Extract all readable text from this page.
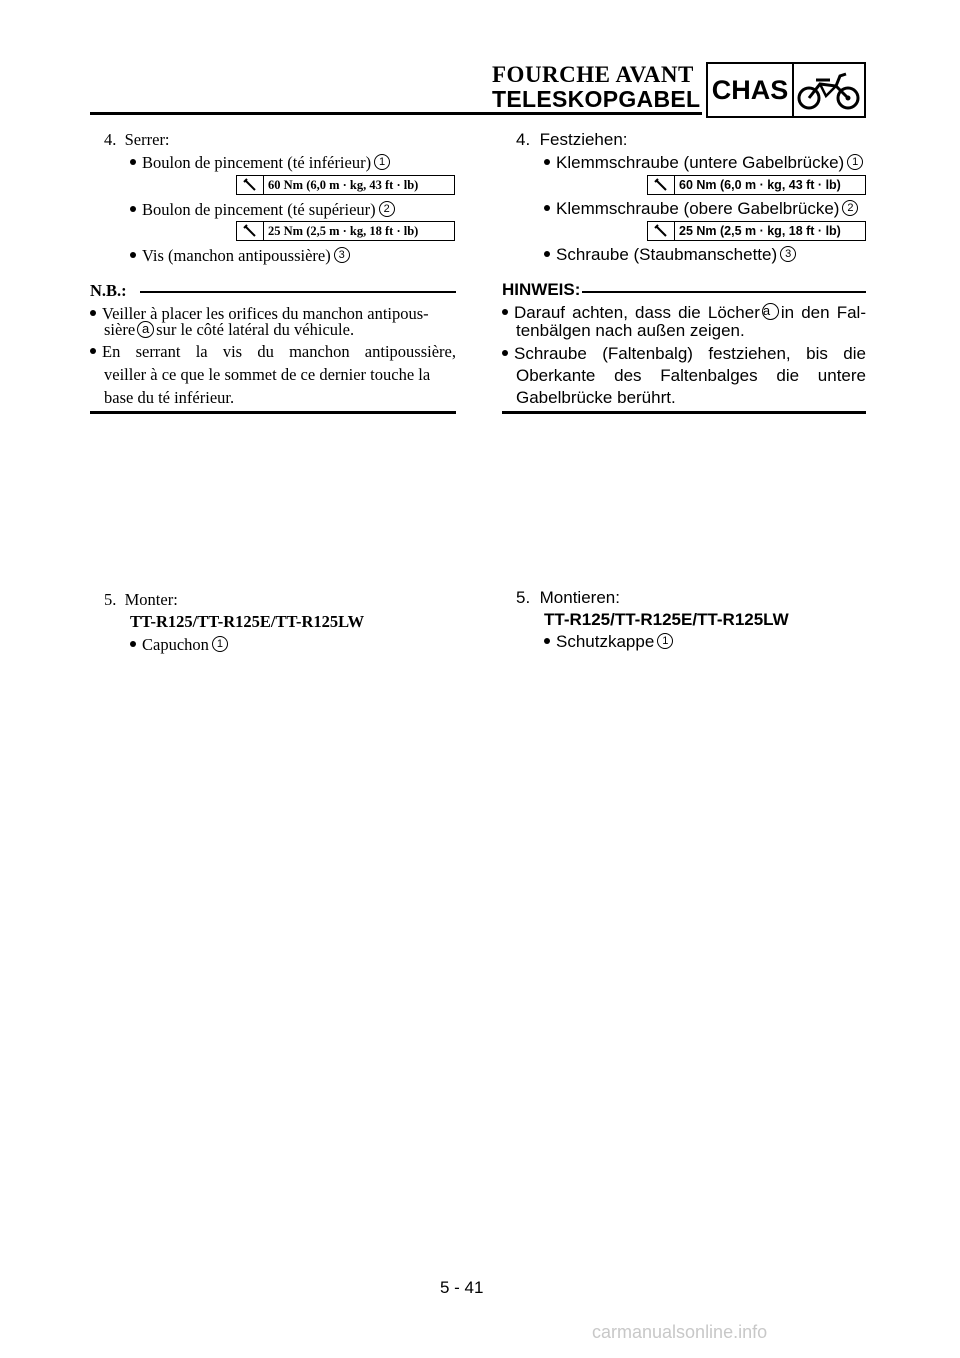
FOURCHE AVANT
TELESKOPGABEL CHAS
4. Serrer:
Boulon de pincement (té inférieur) 1
60 Nm (6,0 m · kg, 43 ft · lb)
Boulon de pincement (té supérieur) 2
25 Nm (2,5 m · kg, 18 ft · lb)
Vis (manchon antipoussière) 3
N.B.:
Veiller à placer les orifices du manchon antipous-
sière a sur le côté latéral du véhicule.
En serrant la vis du manchon antipoussière,
veiller à ce que le sommet de ce dernier touche la
base du té inférieur.
5. Monter:
TT-R125/TT-R125E/TT-R125LW
Capuchon 1
4. Festziehen:
Klemmschraube (untere Gabelbrücke) 1
60 Nm (6,0 m · kg, 43 ft · lb)
Klemmschraube (obere Gabelbrücke) 2
25 Nm (2,5 m · kg, 18 ft · lb)
Schraube (Staubmanschette) 3
HINWEIS:
Darauf achten, dass die Löcher a in den Fal-
tenbälgen nach außen zeigen.
Schraube (Faltenbalg) festziehen, bis die
Oberkante des Faltenbalges die untere
Gabelbrücke berührt.
5. Montieren:
TT-R125/TT-R125E/TT-R125LW
Schutzkappe 1
5 - 41
carmanualsonline.info
